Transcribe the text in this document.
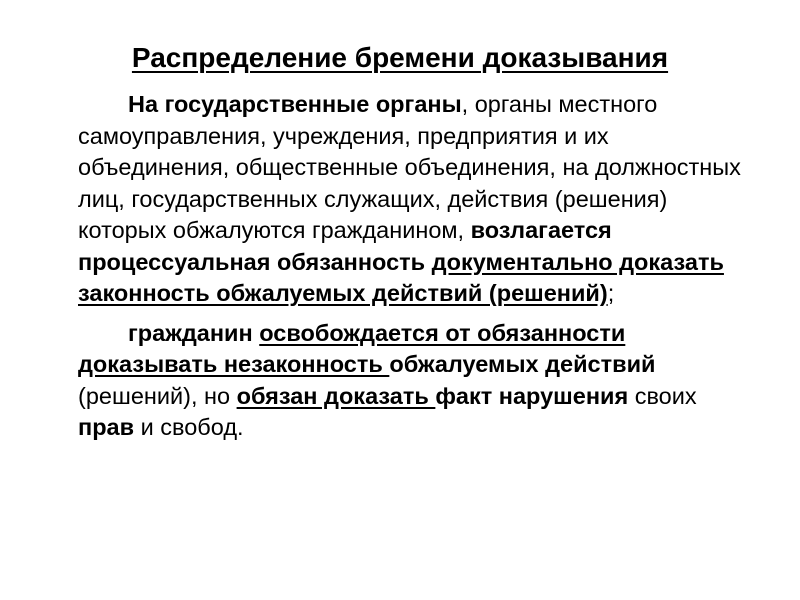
Распределение бремени доказывания

На государственные органы, органы местного самоуправления, учреждения, предприятия и их объединения, общественные объединения, на должностных лиц, государственных служащих, действия (решения) которых обжалуются гражданином, возлагается процессуальная обязанность документально доказать законность обжалуемых действий (решений);

гражданин освобождается от обязанности доказывать незаконность обжалуемых действий (решений), но обязан доказать факт нарушения своих прав и свобод.
